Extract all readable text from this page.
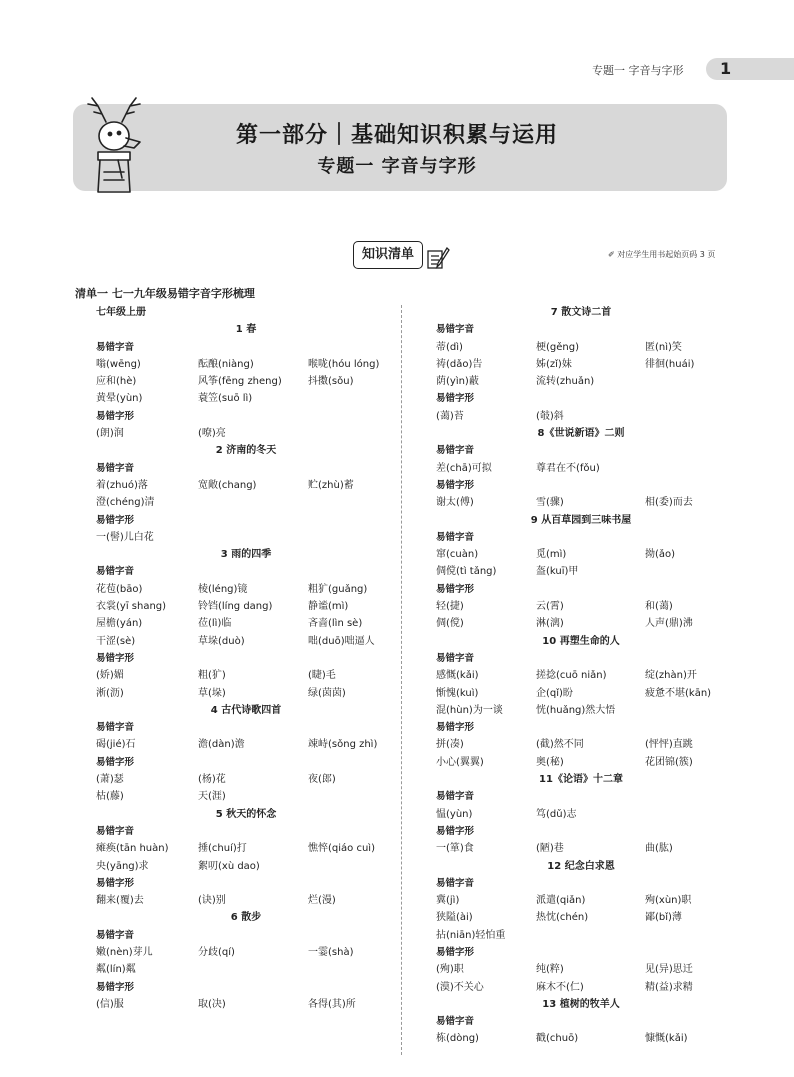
专题一 字音与字形 1
第一部分｜基础知识积累与运用
专题一 字音与字形
知识清单	✐ 对应学生用书起始页码 3 页
清单一 七一九年级易错字音字形梳理
七年级上册
1 春
易错字音
嗡(wēng)	酝酿(niàng)	喉咙(hóu lóng)
应和(hè)	风筝(fēng zheng)	抖擞(sǒu)
黄晕(yùn)	蓑笠(suō lì)
易错字形
(朗)润	(嘹)亮
2 济南的冬天
易错字音
着(zhuó)落	宽敞(chang)	贮(zhù)蓄
澄(chéng)清
易错字形
一(髻)儿白花
3 雨的四季
易错字音
花苞(bāo)	棱(léng)镜	粗犷(guǎng)
衣裳(yī shang)	铃铛(líng dang)	静谧(mì)
屋檐(yán)	莅(lì)临	吝啬(lìn sè)
干涩(sè)	草垛(duò)	咄(duō)咄逼人
易错字形
(娇)媚	粗(犷)	(睫)毛
淅(沥)	草(垛)	绿(茵茵)
4 古代诗歌四首
易错字音
碣(jié)石	澹(dàn)澹	竦峙(sǒng zhì)
易错字形
(萧)瑟	(杨)花	夜(郎)
枯(藤)	天(涯)
5 秋天的怀念
易错字音
瘫痪(tān huàn)	捶(chuí)打	憔悴(qiáo cuì)
央(yāng)求	絮叨(xù dao)
易错字形
翻来(覆)去	(诀)别	烂(漫)
6 散步
易错字音
嫩(nèn)芽儿	分歧(qí)	一霎(shà)
粼(lín)粼
易错字形
(信)服	取(决)	各得(其)所
7 散文诗二首
易错字音
蒂(dì)	梗(gěng)	匿(nì)笑
祷(dǎo)告	姊(zǐ)妹	徘徊(huái)
荫(yìn)蔽	流转(zhuǎn)
易错字形
(蔼)苔	(攲)斜
8《世说新语》二则
易错字音
差(chā)可拟	尊君在不(fǒu)
易错字形
谢太(傅)	雪(骤)	相(委)而去
9 从百草园到三味书屋
易错字音
窜(cuàn)	觅(mì)	拗(ǎo)
倜傥(tì tǎng)	盔(kuī)甲
易错字形
轻(捷)	云(霄)	和(蔼)
倜(傥)	淋(漓)	人声(鼎)沸
10 再塑生命的人
易错字音
感慨(kǎi)	搓捻(cuō niǎn)	绽(zhàn)开
惭愧(kuì)	企(qǐ)盼	疲惫不堪(kān)
混(hùn)为一谈	恍(huǎng)然大悟
易错字形
拼(凑)	(截)然不同	(怦怦)直跳
小心(翼翼)	奥(秘)	花团锦(簇)
11《论语》十二章
易错字音
愠(yùn)	笃(dǔ)志
易错字形
一(箪)食	(陋)巷	曲(肱)
12 纪念白求恩
易错字音
冀(jì)	派遣(qiǎn)	殉(xùn)职
狭隘(ài)	热忱(chén)	鄙(bǐ)薄
拈(niān)轻怕重
易错字形
(殉)职	纯(粹)	见(异)思迁
(漠)不关心	麻木不(仁)	精(益)求精
13 植树的牧羊人
易错字音
栋(dòng)	戳(chuō)	慷慨(kǎi)
